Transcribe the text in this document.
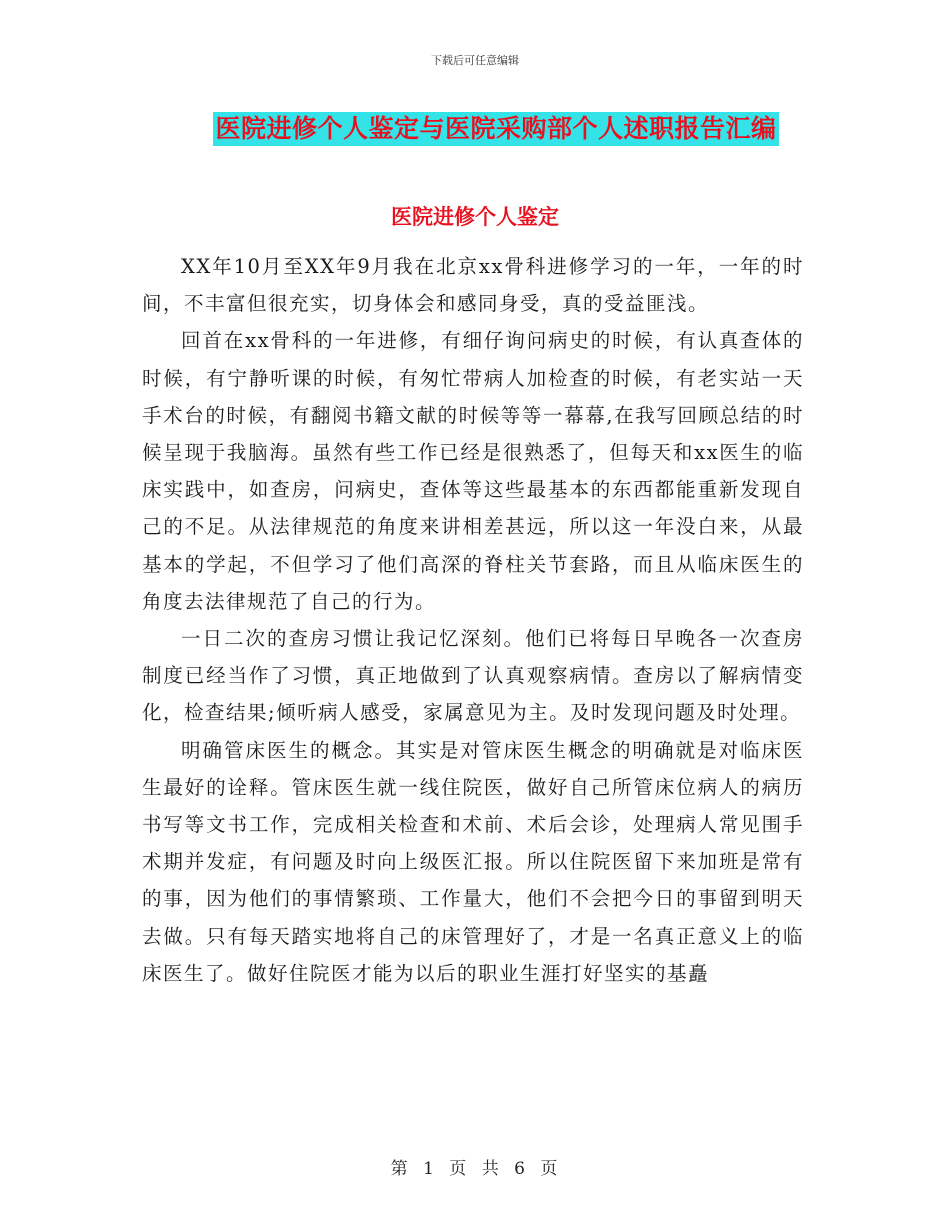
下载后可任意编辑
医院进修个人鉴定与医院采购部个人述职报告汇编
医院进修个人鉴定

XX年10月至XX年9月我在北京xx骨科进修学习的一年，一年的时间，不丰富但很充实，切身体会和感同身受，真的受益匪浅。

回首在xx骨科的一年进修，有细仔询问病史的时候，有认真查体的时候，有宁静听课的时候，有匆忙带病人加检查的时候，有老实站一天手术台的时候，有翻阅书籍文献的时候等等一幕幕,在我写回顾总结的时候呈现于我脑海。虽然有些工作已经是很熟悉了，但每天和xx医生的临床实践中，如查房，问病史，查体等这些最基本的东西都能重新发现自己的不足。从法律规范的角度来讲相差甚远，所以这一年没白来，从最基本的学起，不但学习了他们高深的脊柱关节套路，而且从临床医生的角度去法律规范了自己的行为。

一日二次的查房习惯让我记忆深刻。他们已将每日早晚各一次查房制度已经当作了习惯，真正地做到了认真观察病情。查房以了解病情变化，检查结果;倾听病人感受，家属意见为主。及时发现问题及时处理。

明确管床医生的概念。其实是对管床医生概念的明确就是对临床医生最好的诠释。管床医生就一线住院医，做好自己所管床位病人的病历书写等文书工作，完成相关检查和术前、术后会诊，处理病人常见围手术期并发症，有问题及时向上级医汇报。所以住院医留下来加班是常有的事，因为他们的事情繁琐、工作量大，他们不会把今日的事留到明天去做。只有每天踏实地将自己的床管理好了，才是一名真正意义上的临床医生了。做好住院医才能为以后的职业生涯打好坚实的基矗

第 1 页 共 6 页
